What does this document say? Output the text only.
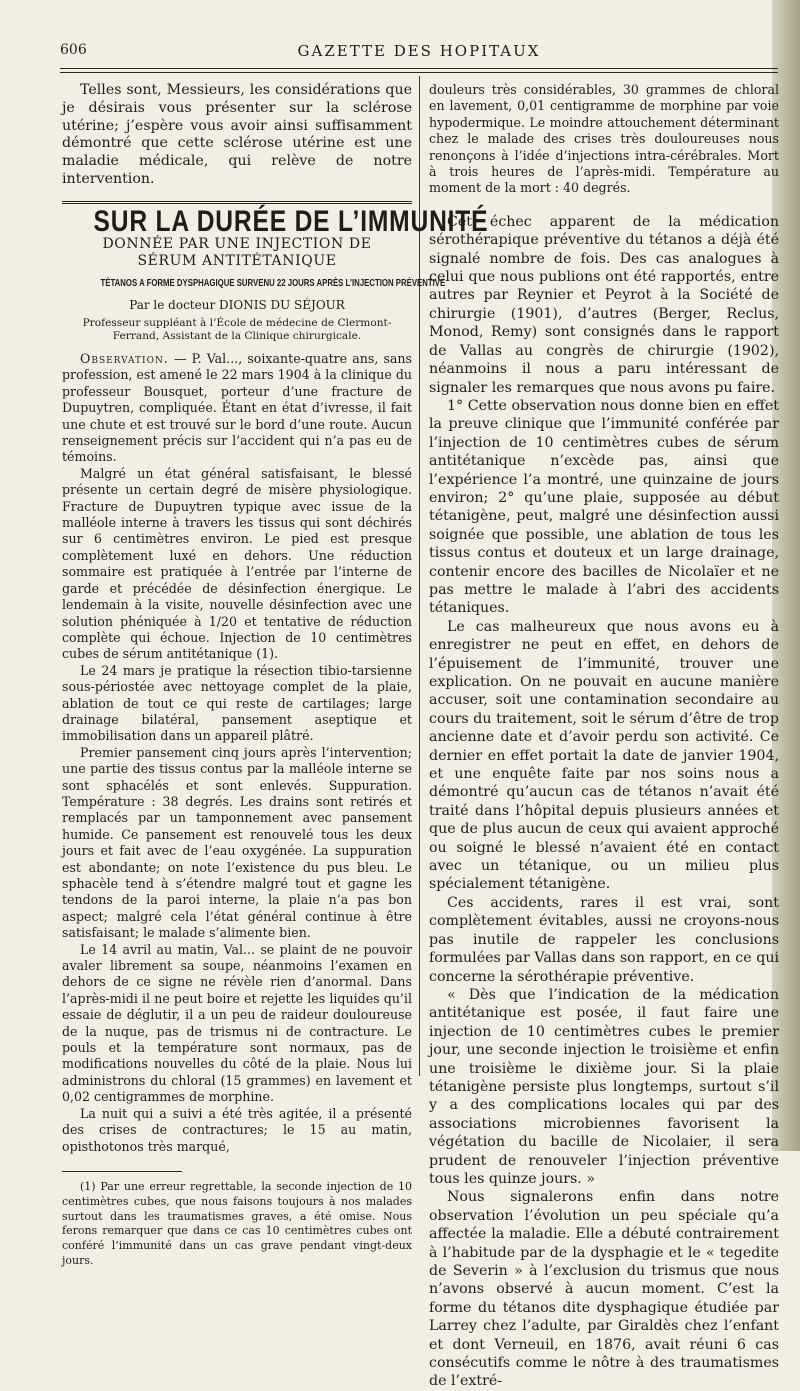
606	GAZETTE DES HOPITAUX

Telles sont, Messieurs, les considérations que je désirais vous présenter sur la sclérose utérine; j’espère vous avoir ainsi suffisamment démontré que cette sclérose utérine est une maladie médicale, qui relève de notre intervention.

SUR LA DURÉE DE L’IMMUNITÉ
DONNÉE PAR UNE INJECTION DE SÉRUM ANTITÉTANIQUE
TÉTANOS A FORME DYSPHAGIQUE SURVENU 22 JOURS APRÈS L’INJECTION PRÉVENTIVE
Par le docteur DIONIS DU SÉJOUR
Professeur suppléant à l’École de médecine de Clermont-Ferrand, Assistant de la Clinique chirurgicale.

Observation. — P. Val..., soixante-quatre ans, sans profession, est amené le 22 mars 1904 à la clinique du professeur Bousquet, porteur d’une fracture de Dupuytren, compliquée. Étant en état d’ivresse, il fait une chute et est trouvé sur le bord d’une route. Aucun renseignement précis sur l’accident qui n’a pas eu de témoins.

Malgré un état général satisfaisant, le blessé présente un certain degré de misère physiologique. Fracture de Dupuytren typique avec issue de la malléole interne à travers les tissus qui sont déchirés sur 6 centimètres environ. Le pied est presque complètement luxé en dehors. Une réduction sommaire est pratiquée à l’entrée par l’interne de garde et précédée de désinfection énergique. Le lendemain à la visite, nouvelle désinfection avec une solution phéniquée à 1/20 et tentative de réduction complète qui échoue. Injection de 10 centimètres cubes de sérum antitétanique (1).

Le 24 mars je pratique la résection tibio-tarsienne sous-périostée avec nettoyage complet de la plaie, ablation de tout ce qui reste de cartilages; large drainage bilatéral, pansement aseptique et immobilisation dans un appareil plâtré.

Premier pansement cinq jours après l’intervention; une partie des tissus contus par la malléole interne se sont sphacélés et sont enlevés. Suppuration. Température : 38 degrés. Les drains sont retirés et remplacés par un tamponnement avec pansement humide. Ce pansement est renouvelé tous les deux jours et fait avec de l’eau oxygénée. La suppuration est abondante; on note l’existence du pus bleu. Le sphacèle tend à s’étendre malgré tout et gagne les tendons de la paroi interne, la plaie n’a pas bon aspect; malgré cela l’état général continue à être satisfaisant; le malade s’alimente bien.

Le 14 avril au matin, Val... se plaint de ne pouvoir avaler librement sa soupe, néanmoins l’examen en dehors de ce signe ne révèle rien d’anormal. Dans l’après-midi il ne peut boire et rejette les liquides qu’il essaie de déglutir, il a un peu de raideur douloureuse de la nuque, pas de trismus ni de contracture. Le pouls et la température sont normaux, pas de modifications nouvelles du côté de la plaie. Nous lui administrons du chloral (15 grammes) en lavement et 0,02 centigrammes de morphine.

La nuit qui a suivi a été très agitée, il a présenté des crises de contractures; le 15 au matin, opisthotonos très marqué,

(1) Par une erreur regrettable, la seconde injection de 10 centimètres cubes, que nous faisons toujours à nos malades surtout dans les traumatismes graves, a été omise. Nous ferons remarquer que dans ce cas 10 centimètres cubes ont conféré l’immunité dans un cas grave pendant vingt-deux jours.

douleurs très considérables, 30 grammes de chloral en lavement, 0,01 centigramme de morphine par voie hypodermique. Le moindre attouchement déterminant chez le malade des crises très douloureuses nous renonçons à l’idée d’injections intra-cérébrales. Mort à trois heures de l’après-midi. Température au moment de la mort : 40 degrés.

Cet échec apparent de la médication sérothérapique préventive du tétanos a déjà été signalé nombre de fois. Des cas analogues à celui que nous publions ont été rapportés, entre autres par Reynier et Peyrot à la Société de chirurgie (1901), d’autres (Berger, Reclus, Monod, Remy) sont consignés dans le rapport de Vallas au congrès de chirurgie (1902), néanmoins il nous a paru intéressant de signaler les remarques que nous avons pu faire.

1° Cette observation nous donne bien en effet la preuve clinique que l’immunité conférée par l’injection de 10 centimètres cubes de sérum antitétanique n’excède pas, ainsi que l’expérience l’a montré, une quinzaine de jours environ; 2° qu’une plaie, supposée au début tétanigène, peut, malgré une désinfection aussi soignée que possible, une ablation de tous les tissus contus et douteux et un large drainage, contenir encore des bacilles de Nicolaïer et ne pas mettre le malade à l’abri des accidents tétaniques.

Le cas malheureux que nous avons eu à enregistrer ne peut en effet, en dehors de l’épuisement de l’immunité, trouver une explication. On ne pouvait en aucune manière accuser, soit une contamination secondaire au cours du traitement, soit le sérum d’être de trop ancienne date et d’avoir perdu son activité. Ce dernier en effet portait la date de janvier 1904, et une enquête faite par nos soins nous a démontré qu’aucun cas de tétanos n’avait été traité dans l’hôpital depuis plusieurs années et que de plus aucun de ceux qui avaient approché ou soigné le blessé n’avaient été en contact avec un tétanique, ou un milieu plus spécialement tétanigène.

Ces accidents, rares il est vrai, sont complètement évitables, aussi ne croyons-nous pas inutile de rappeler les conclusions formulées par Vallas dans son rapport, en ce qui concerne la sérothérapie préventive.

« Dès que l’indication de la médication antitétanique est posée, il faut faire une injection de 10 centimètres cubes le premier jour, une seconde injection le troisième et enfin une troisième le dixième jour. Si la plaie tétanigène persiste plus longtemps, surtout s’il y a des complications locales qui par des associations microbiennes favorisent la végétation du bacille de Nicolaier, il sera prudent de renouveler l’injection préventive tous les quinze jours. »

Nous signalerons enfin dans notre observation l’évolution un peu spéciale qu’a affectée la maladie. Elle a débuté contrairement à l’habitude par de la dysphagie et le « tegedite de Severin » à l’exclusion du trismus que nous n’avons observé à aucun moment. C’est la forme du tétanos dite dysphagique étudiée par Larrey chez l’adulte, par Giraldès chez l’enfant et dont Verneuil, en 1876, avait réuni 6 cas consécutifs comme le nôtre à des traumatismes de l’extré-
